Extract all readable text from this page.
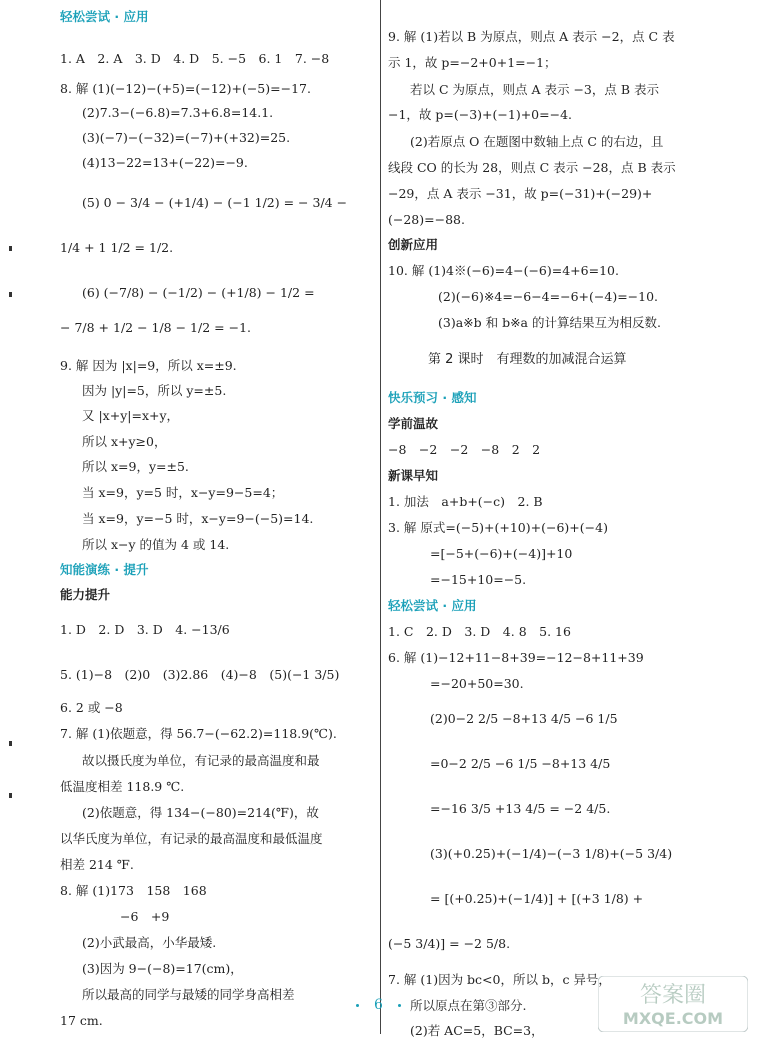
轻松尝试 · 应用
1. A　2. A　3. D　4. D　5. −5　6. 1　7. −8
8. 解 (1)(−12)−(+5)=(−12)+(−5)=−17.
(2)7.3−(−6.8)=7.3+6.8=14.1.
(3)(−7)−(−32)=(−7)+(+32)=25.
(4)13−22=13+(−22)=−9.
(5) 0 − 3/4 − (+1/4) − (−1 1/2) = − 3/4 −
1/4 + 1 1/2 = 1/2.
(6) (−7/8) − (−1/2) − (+1/8) − 1/2 =
− 7/8 + 1/2 − 1/8 − 1/2 = −1.
9. 解 因为 |x|=9，所以 x=±9.
因为 |y|=5，所以 y=±5.
又 |x+y|=x+y，
所以 x+y≥0，
所以 x=9，y=±5.
当 x=9，y=5 时，x−y=9−5=4；
当 x=9，y=−5 时，x−y=9−(−5)=14.
所以 x−y 的值为 4 或 14.
知能演练 · 提升
能力提升
1. D　2. D　3. D　4. −13/6
5. (1)−8　(2)0　(3)2.86　(4)−8　(5)(−1 3/5)
6. 2 或 −8
7. 解 (1)依题意，得 56.7−(−62.2)=118.9(℃).
故以摄氏度为单位，有记录的最高温度和最
低温度相差 118.9 ℃.
(2)依题意，得 134−(−80)=214(℉)，故
以华氏度为单位，有记录的最高温度和最低温度
相差 214 ℉.
8. 解 (1)173　158　168
−6　+9
(2)小武最高，小华最矮.
(3)因为 9−(−8)=17(cm)，
所以最高的同学与最矮的同学身高相差
17 cm.
9. 解 (1)若以 B 为原点，则点 A 表示 −2，点 C 表
示 1，故 p=−2+0+1=−1；
若以 C 为原点，则点 A 表示 −3，点 B 表示
−1，故 p=(−3)+(−1)+0=−4.
(2)若原点 O 在题图中数轴上点 C 的右边，且
线段 CO 的长为 28，则点 C 表示 −28，点 B 表示
−29，点 A 表示 −31，故 p=(−31)+(−29)+
(−28)=−88.
创新应用
10. 解 (1)4※(−6)=4−(−6)=4+6=10.
(2)(−6)※4=−6−4=−6+(−4)=−10.
(3)a※b 和 b※a 的计算结果互为相反数.
第 2 课时　有理数的加减混合运算
快乐预习 · 感知
学前温故
−8　−2　−2　−8　2　2
新课早知
1. 加法　a+b+(−c)　2. B
3. 解 原式=(−5)+(+10)+(−6)+(−4)
=[−5+(−6)+(−4)]+10
=−15+10=−5.
轻松尝试 · 应用
1. C　2. D　3. D　4. 8　5. 16
6. 解 (1)−12+11−8+39=−12−8+11+39
=−20+50=30.
(2)0−2 2/5 −8+13 4/5 −6 1/5
=0−2 2/5 −6 1/5 −8+13 4/5
=−16 3/5 +13 4/5 = −2 4/5.
(3)(+0.25)+(−1/4)−(−3 1/8)+(−5 3/4)
= [(+0.25)+(−1/4)] + [(+3 1/8) +
(−5 3/4)] = −2 5/8.
7. 解 (1)因为 bc<0，所以 b，c 异号，
所以原点在第③部分.
(2)若 AC=5，BC=3，
答案圈
MXQE.COM
6
